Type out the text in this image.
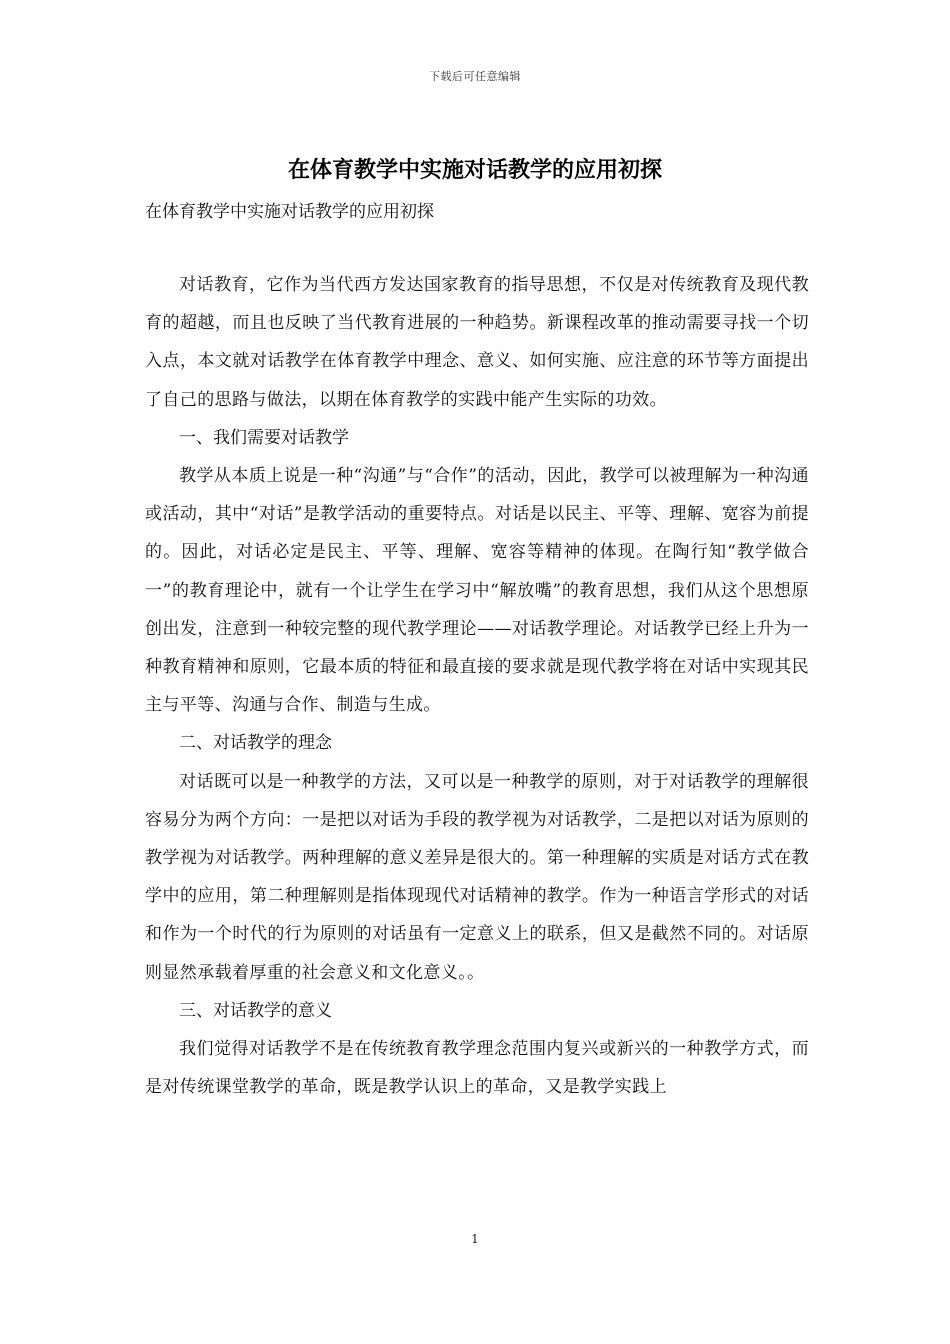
下载后可任意编辑
在体育教学中实施对话教学的应用初探

在体育教学中实施对话教学的应用初探

对话教育，它作为当代西方发达国家教育的指导思想，不仅是对传统教育及现代教育的超越，而且也反映了当代教育进展的一种趋势。新课程改革的推动需要寻找一个切入点，本文就对话教学在体育教学中理念、意义、如何实施、应注意的环节等方面提出了自己的思路与做法，以期在体育教学的实践中能产生实际的功效。

一、我们需要对话教学

教学从本质上说是一种“沟通”与“合作”的活动，因此，教学可以被理解为一种沟通或活动，其中“对话”是教学活动的重要特点。对话是以民主、平等、理解、宽容为前提的。因此，对话必定是民主、平等、理解、宽容等精神的体现。在陶行知“教学做合一”的教育理论中，就有一个让学生在学习中“解放嘴”的教育思想，我们从这个思想原创出发，注意到一种较完整的现代教学理论——对话教学理论。对话教学已经上升为一种教育精神和原则，它最本质的特征和最直接的要求就是现代教学将在对话中实现其民主与平等、沟通与合作、制造与生成。

二、对话教学的理念

对话既可以是一种教学的方法，又可以是一种教学的原则，对于对话教学的理解很容易分为两个方向：一是把以对话为手段的教学视为对话教学，二是把以对话为原则的教学视为对话教学。两种理解的意义差异是很大的。第一种理解的实质是对话方式在教学中的应用，第二种理解则是指体现现代对话精神的教学。作为一种语言学形式的对话和作为一个时代的行为原则的对话虽有一定意义上的联系，但又是截然不同的。对话原则显然承载着厚重的社会意义和文化意义。。

三、对话教学的意义

我们觉得对话教学不是在传统教育教学理念范围内复兴或新兴的一种教学方式，而是对传统课堂教学的革命，既是教学认识上的革命，又是教学实践上

1
